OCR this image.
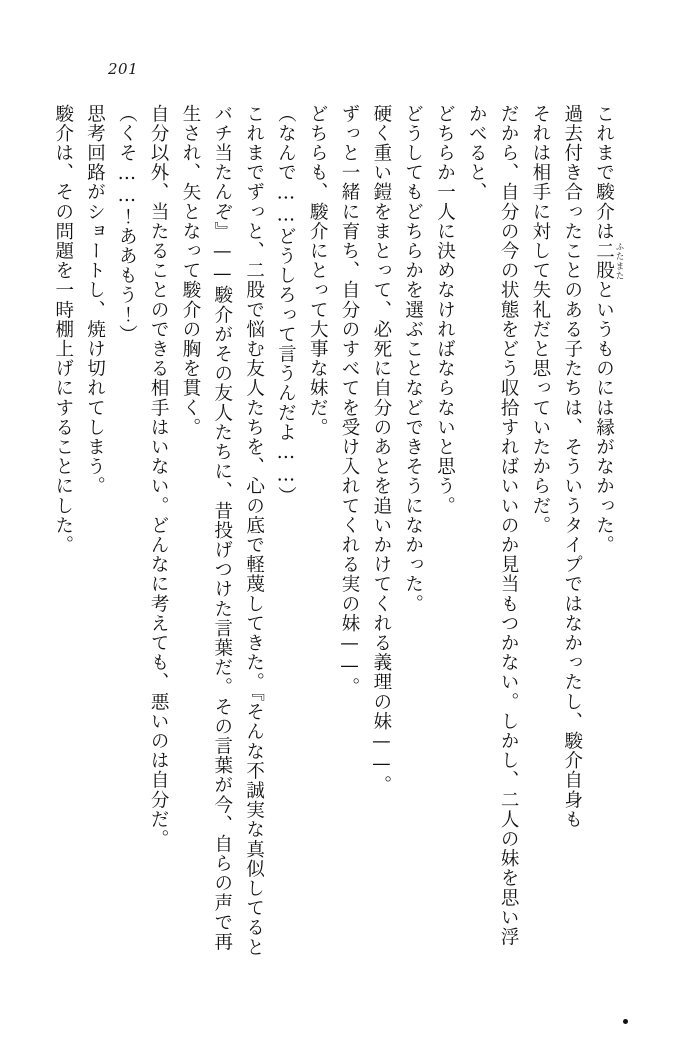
201

これまで駿介は二股 ふたまたというものには縁がなかった。

過去付き合ったことのある子たちは、そういうタイプではなかったし、駿介自身も

それは相手に対して失礼だと思っていたからだ。

だから、自分の今の状態をどう収拾すればいいのか見当もつかない。しかし、二人の妹を思い浮かべると、

どちらか一人に決めなければならないと思う。

どうしてもどちらかを選ぶことなどできそうになかった。

硬く重い鎧をまとって、必死に自分のあとを追いかけてくれる義理の妹——。

ずっと一緒に育ち、自分のすべてを受け入れてくれる実の妹——。

どちらも、駿介にとって大事な妹だ。

（なんで……どうしろって言うんだよ……）

これまでずっと、二股で悩む友人たちを、心の底で軽蔑してきた。『そんな不誠実な真似してるとバチ当たんぞ』——駿介がその友人たちに、昔投げつけた言葉だ。その言葉が今、自らの声で再生され、矢となって駿介の胸を貫く。

自分以外、当たることのできる相手はいない。どんなに考えても、悪いのは自分だ。

（くそ……！ああもう！）

思考回路がショートし、焼け切れてしまう。

駿介は、その問題を一時棚上げにすることにした。
